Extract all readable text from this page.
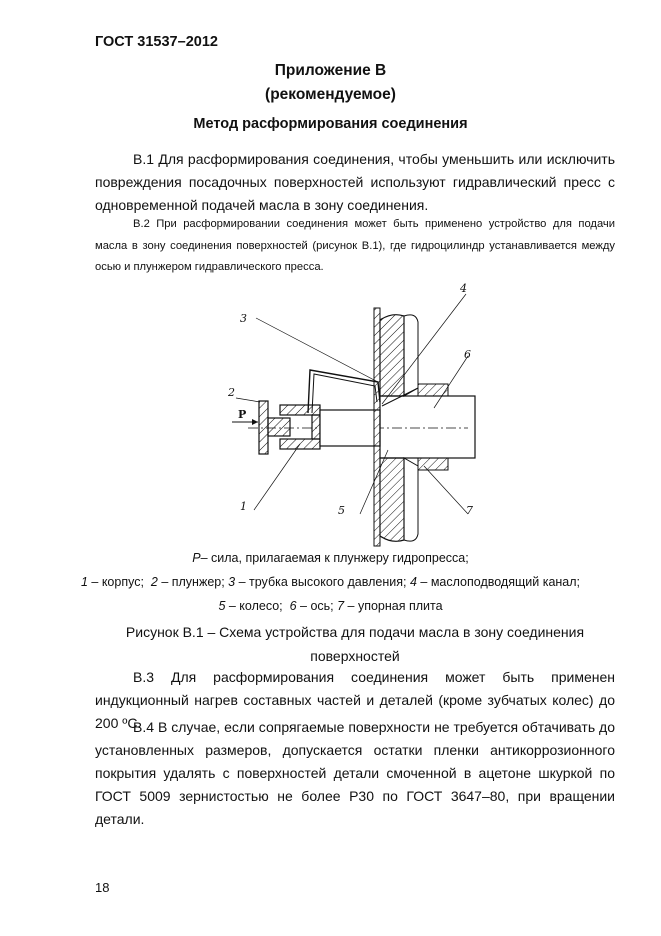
ГОСТ 31537–2012
Приложение В
(рекомендуемое)
Метод расформирования соединения
В.1 Для расформирования соединения, чтобы уменьшить или исключить повреждения посадочных поверхностей используют гидравлический пресс с одновременной подачей масла в зону соединения.
В.2 При расформировании соединения может быть применено устройство для подачи масла в зону соединения поверхностей (рисунок В.1), где гидроцилиндр устанавливается между осью и плунжером гидравлического пресса.
3
2
P
1
4
6
5	7
Р– сила, прилагаемая к плунжеру гидропресса;
1 – корпус;  2 – плунжер; 3 – трубка высокого давления; 4 – маслоподводящий канал;
5 – колесо;  6 – ось; 7 – упорная плита
Рисунок В.1 – Схема устройства для подачи масла в зону соединения
поверхностей
В.3 Для расформирования соединения может быть применен индукционный нагрев составных частей и деталей (кроме зубчатых колес) до 200 ºС.
В.4 В случае, если сопрягаемые поверхности не требуется обтачивать до установленных размеров, допускается остатки пленки антикоррозионного покрытия удалять с поверхностей детали смоченной в ацетоне шкуркой по ГОСТ 5009 зернистостью не более Р30 по ГОСТ 3647–80, при вращении детали.
18
